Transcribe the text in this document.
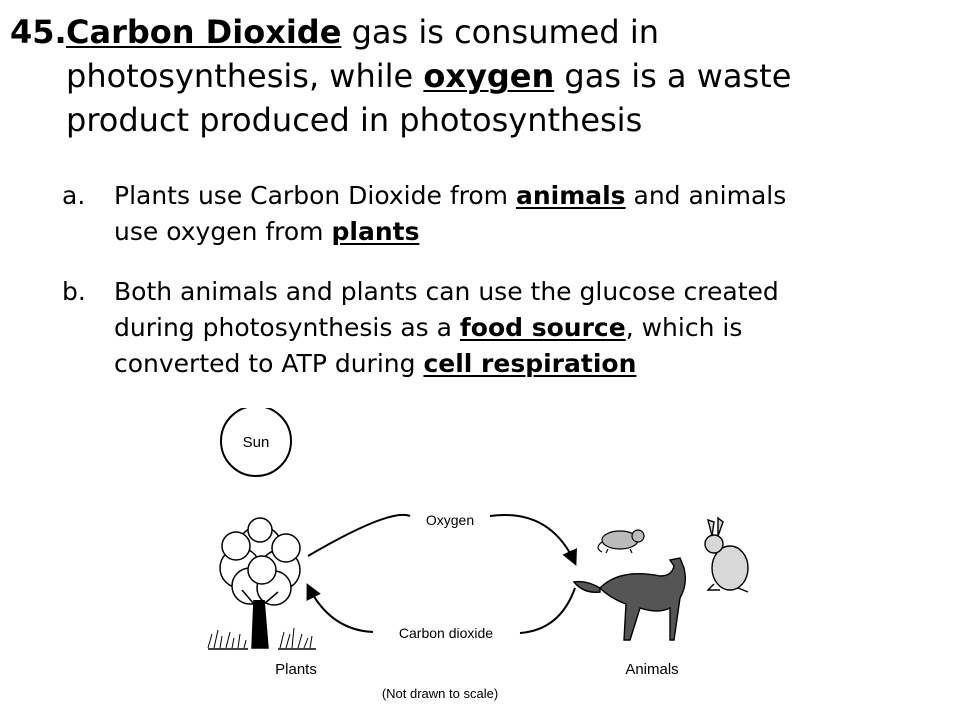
45.Carbon Dioxide gas is consumed in
photosynthesis, while oxygen gas is a waste
product produced in photosynthesis
a.	Plants use Carbon Dioxide from animals and animals
use oxygen from plants
b.	Both animals and plants can use the glucose created
during photosynthesis as a food source, which is
converted to ATP during cell respiration
Sun
Oxygen
Carbon dioxide
Plants	Animals
(Not drawn to scale)
